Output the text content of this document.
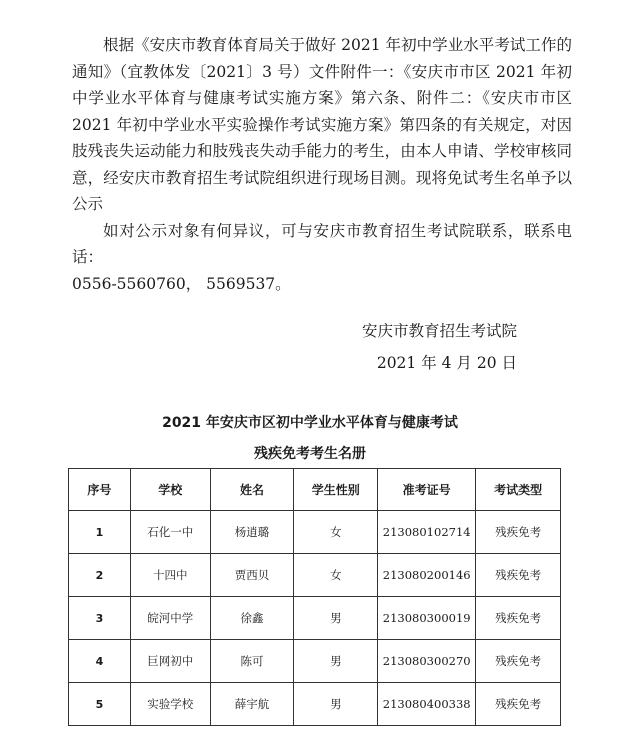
根据《安庆市教育体育局关于做好 2021 年初中学业水平考试工作的通知》（宜教体发〔2021〕3 号）文件附件一：《安庆市市区 2021 年初中学业水平体育与健康考试实施方案》第六条、附件二：《安庆市市区 2021 年初中学业水平实验操作考试实施方案》第四条的有关规定，对因肢残丧失运动能力和肢残丧失动手能力的考生，由本人申请、学校审核同意，经安庆市教育招生考试院组织进行现场目测。现将免试考生名单予以公示

如对公示对象有何异议，可与安庆市教育招生考试院联系，联系电话：

0556-5560760， 5569537。

安庆市教育招生考试院
2021 年 4 月 20 日
2021 年安庆市区初中学业水平体育与健康考试
残疾免考考生名册
序号	学校	姓名	学生性别	准考证号	考试类型
1	石化一中	杨逍璐	女	213080102714	残疾免考
2	十四中	贾西贝	女	213080200146	残疾免考
3	皖河中学	徐鑫	男	213080300019	残疾免考
4	巨网初中	陈可	男	213080300270	残疾免考
5	实验学校	薛宇航	男	213080400338	残疾免考
